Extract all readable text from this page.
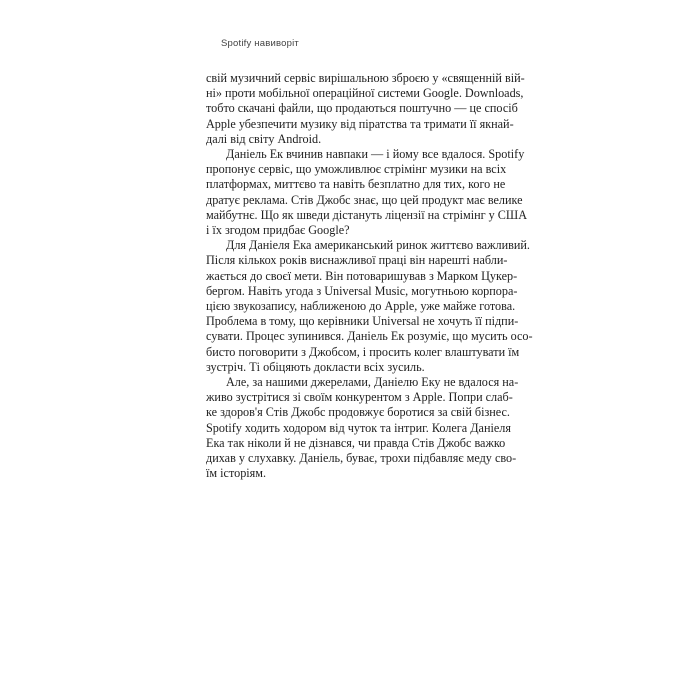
Spotify навиворіт

свій музичний сервіс вирішальною зброєю у «священній вій-
ні» проти мобільної операційної системи Google. Downloads,
тобто скачані файли, що продаються поштучно — це спосіб
Apple убезпечити музику від піратства та тримати її якнай-
далі від світу Android.

Даніель Ек вчинив навпаки — і йому все вдалося. Spotify
пропонує сервіс, що уможливлює стрімінг музики на всіх
платформах, миттєво та навіть безплатно для тих, кого не
дратує реклама. Стів Джобс знає, що цей продукт має велике
майбутнє. Що як шведи дістануть ліцензії на стрімінг у США
і їх згодом придбає Google?

Для Даніеля Ека американський ринок життєво важливий.
Після кількох років виснажливої праці він нарешті набли-
жається до своєї мети. Він потоваришував з Марком Цукер-
бергом. Навіть угода з Universal Music, могутньою корпора-
цією звукозапису, наближеною до Apple, уже майже готова.
Проблема в тому, що керівники Universal не хочуть її підпи-
сувати. Процес зупинився. Даніель Ек розуміє, що мусить осо-
бисто поговорити з Джобсом, і просить колег влаштувати їм
зустріч. Ті обіцяють докласти всіх зусиль.

Але, за нашими джерелами, Даніелю Еку не вдалося на-
живо зустрітися зі своїм конкурентом з Apple. Попри слаб-
ке здоров'я Стів Джобс продовжує боротися за свій бізнес.
Spotify ходить ходором від чуток та інтриг. Колега Даніеля
Ека так ніколи й не дізнався, чи правда Стів Джобс важко
дихав у слухавку. Даніель, буває, трохи підбавляє меду сво-
їм історіям.
